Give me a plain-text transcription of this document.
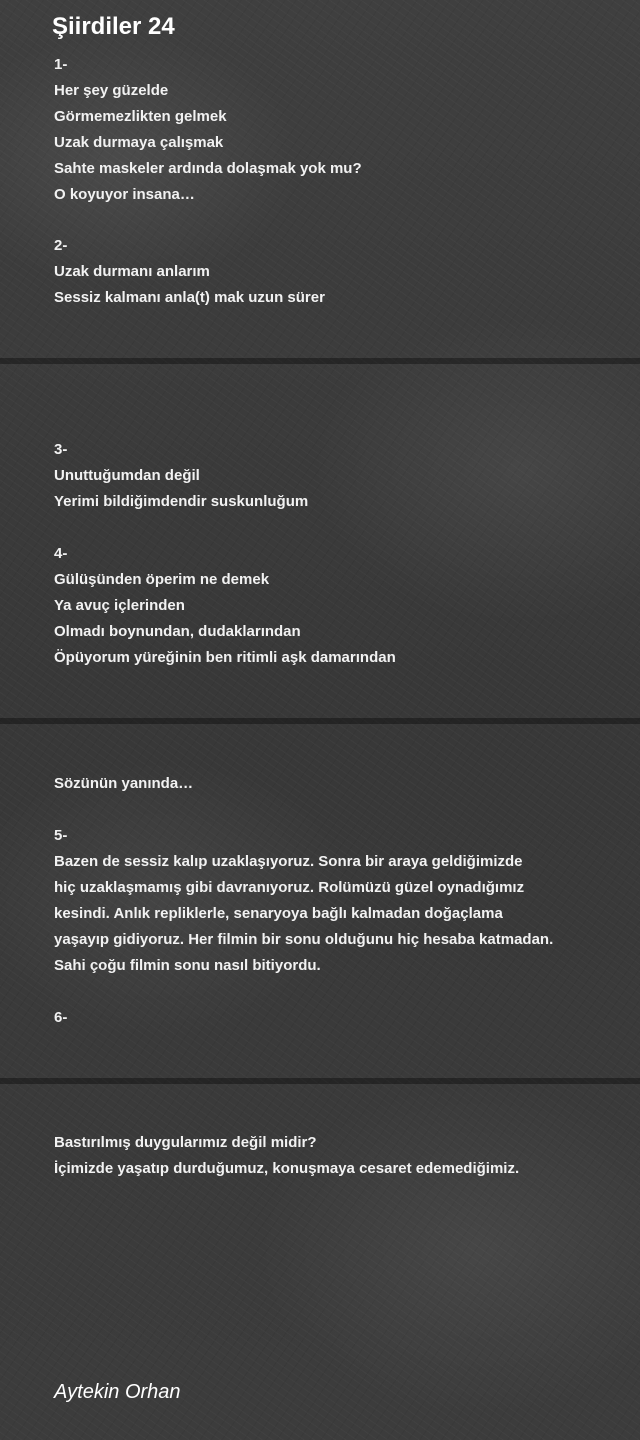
Şiirdiler 24
1-
Her şey güzelde
Görmemezlikten gelmek
Uzak durmaya çalışmak
Sahte maskeler ardında dolaşmak yok mu?
O koyuyor insana…
2-
Uzak durmanı anlarım
Sessiz kalmanı anla(t) mak uzun sürer
3-
Unuttuğumdan değil
Yerimi bildiğimdendir suskunluğum
4-
Gülüşünden öperim ne demek
Ya avuç içlerinden
Olmadı boynundan, dudaklarından
Öpüyorum yüreğinin ben ritimli aşk damarından
Sözünün yanında…
5-
Bazen de sessiz kalıp uzaklaşıyoruz. Sonra bir araya geldiğimizde
hiç uzaklaşmamış gibi davranıyoruz. Rolümüzü güzel oynadığımız
kesindi. Anlık repliklerle, senaryoya bağlı kalmadan doğaçlama
yaşayıp gidiyoruz. Her filmin bir sonu olduğunu hiç hesaba katmadan.
Sahi çoğu filmin sonu nasıl bitiyordu.
6-
Bastırılmış duygularımız değil midir?
İçimizde yaşatıp durduğumuz, konuşmaya cesaret edemediğimiz.
Aytekin Orhan
